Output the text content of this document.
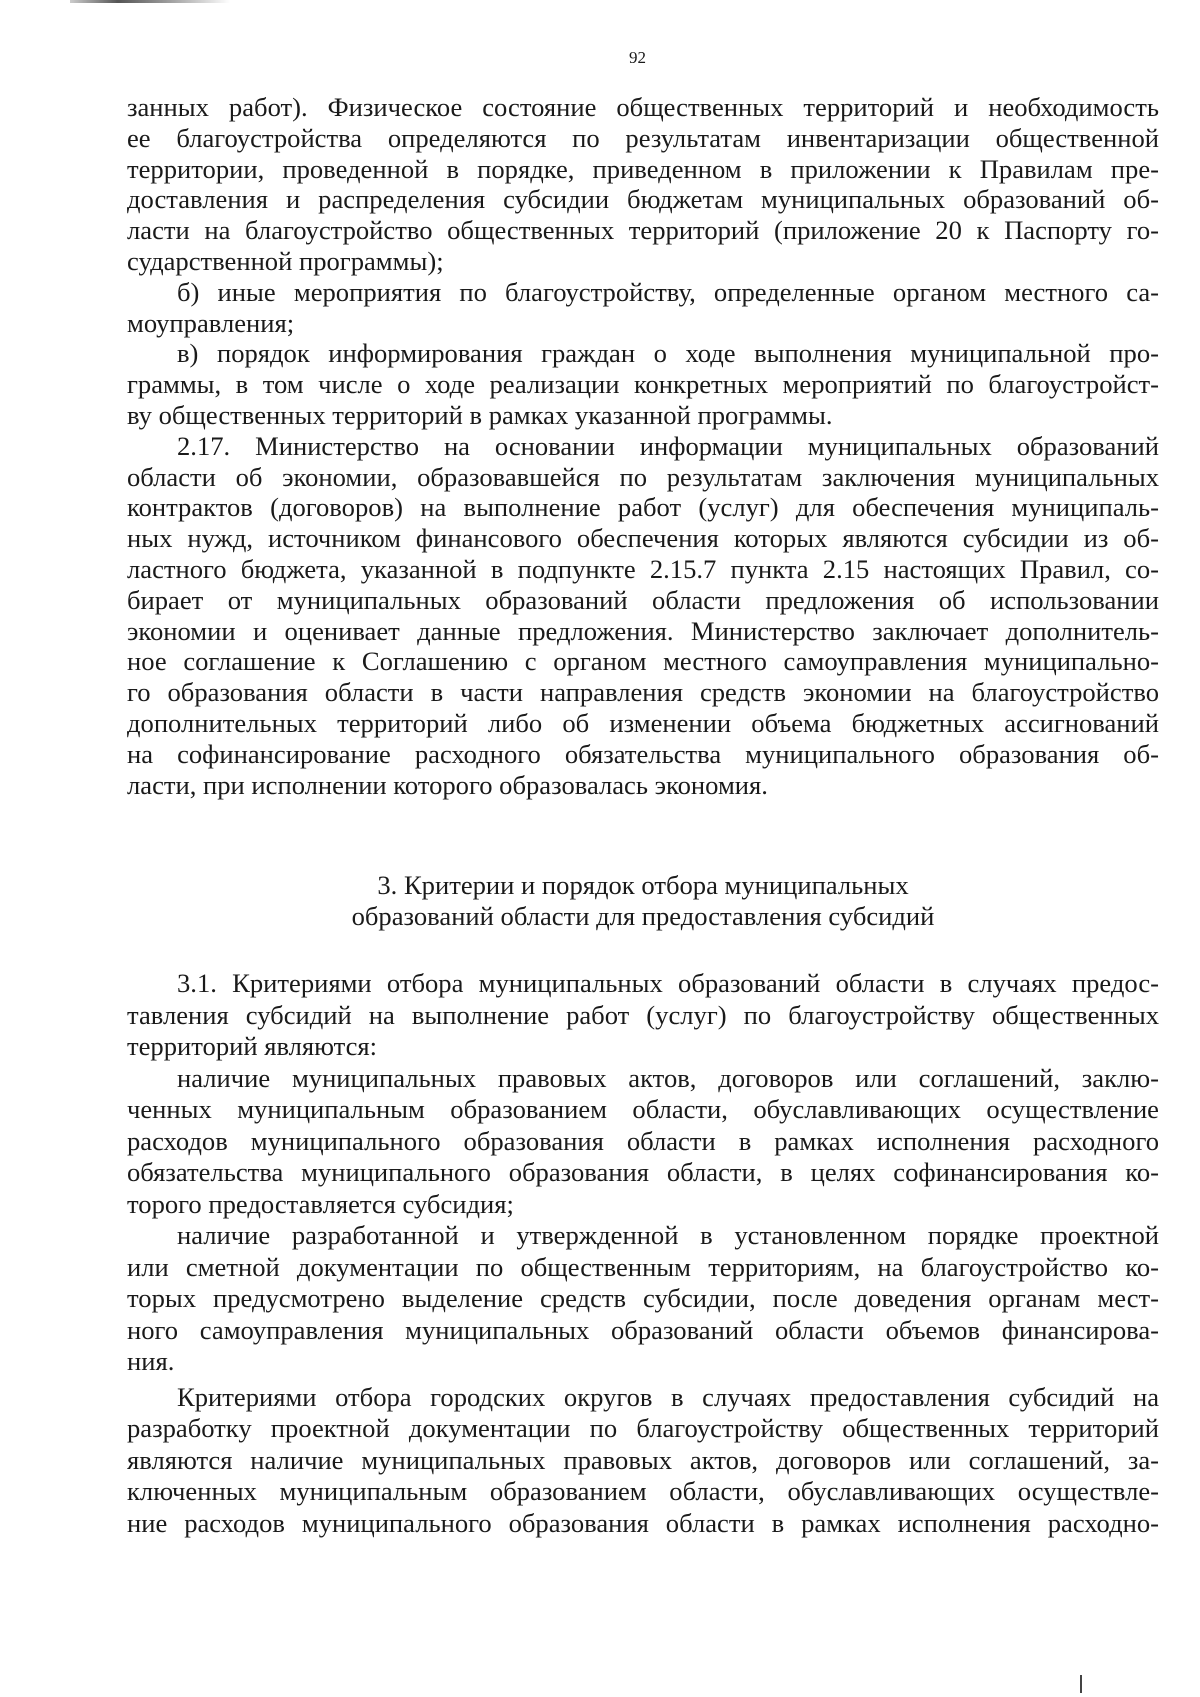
92
занных работ). Физическое состояние общественных территорий и необходимость
ее благоустройства определяются по результатам инвентаризации общественной
территории, проведенной в порядке, приведенном в приложении к Правилам пре-
доставления и распределения субсидии бюджетам муниципальных образований об-
ласти на благоустройство общественных территорий (приложение 20 к Паспорту го-
сударственной программы);
б) иные мероприятия по благоустройству, определенные органом местного са-
моуправления;
в) порядок информирования граждан о ходе выполнения муниципальной про-
граммы, в том числе о ходе реализации конкретных мероприятий по благоустройст-
ву общественных территорий в рамках указанной программы.
2.17. Министерство на основании информации муниципальных образований
области об экономии, образовавшейся по результатам заключения муниципальных
контрактов (договоров) на выполнение работ (услуг) для обеспечения муниципаль-
ных нужд, источником финансового обеспечения которых являются субсидии из об-
ластного бюджета, указанной в подпункте 2.15.7 пункта 2.15 настоящих Правил, со-
бирает от муниципальных образований области предложения об использовании
экономии и оценивает данные предложения. Министерство заключает дополнитель-
ное соглашение к Соглашению с органом местного самоуправления муниципально-
го образования области в части направления средств экономии на благоустройство
дополнительных территорий либо об изменении объема бюджетных ассигнований
на софинансирование расходного обязательства муниципального образования об-
ласти, при исполнении которого образовалась экономия.
3. Критерии и порядок отбора муниципальных
образований области для предоставления субсидий
3.1. Критериями отбора муниципальных образований области в случаях предос-
тавления субсидий на выполнение работ (услуг) по благоустройству общественных
территорий являются:
наличие муниципальных правовых актов, договоров или соглашений, заклю-
ченных муниципальным образованием области, обуславливающих осуществление
расходов муниципального образования области в рамках исполнения расходного
обязательства муниципального образования области, в целях софинансирования ко-
торого предоставляется субсидия;
наличие разработанной и утвержденной в установленном порядке проектной
или сметной документации по общественным территориям, на благоустройство ко-
торых предусмотрено выделение средств субсидии, после доведения органам мест-
ного самоуправления муниципальных образований области объемов финансирова-
ния.
Критериями отбора городских округов в случаях предоставления субсидий на
разработку проектной документации по благоустройству общественных территорий
являются наличие муниципальных правовых актов, договоров или соглашений, за-
ключенных муниципальным образованием области, обуславливающих осуществле-
ние расходов муниципального образования области в рамках исполнения расходно-
